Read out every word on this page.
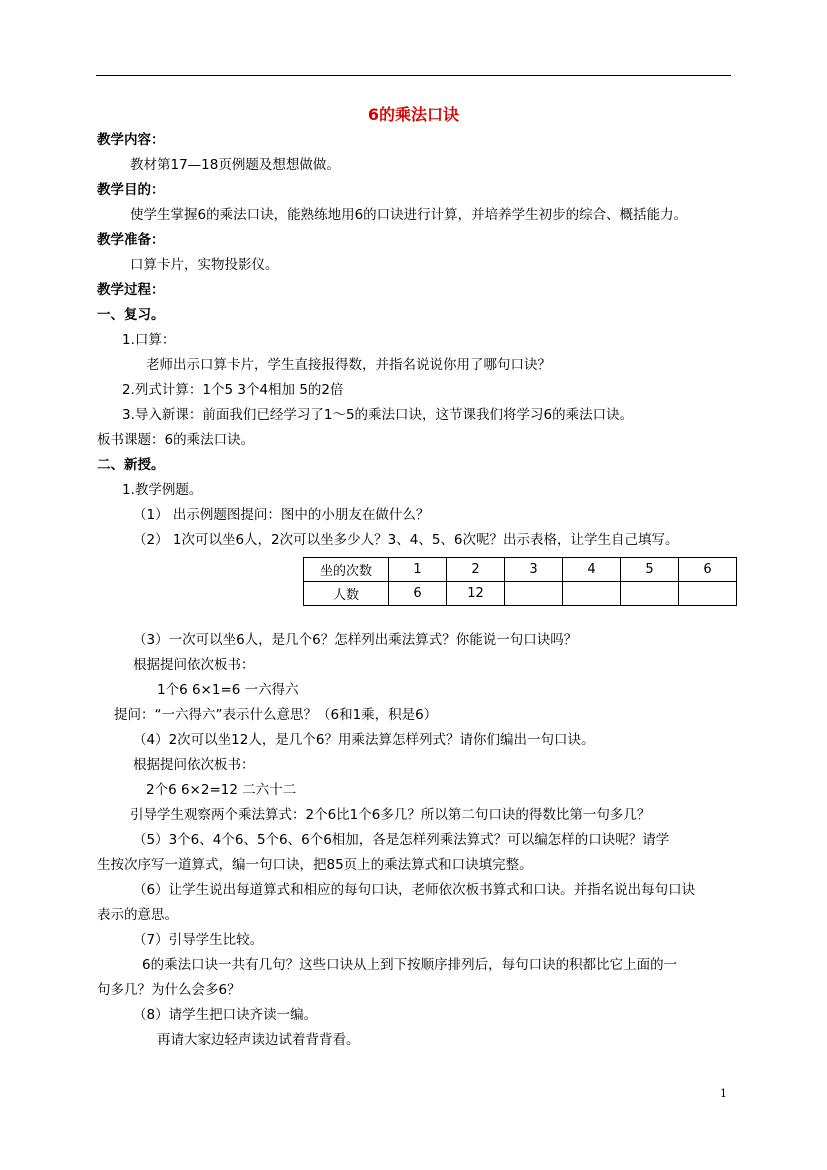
6的乘法口诀
教学内容：
教材第17—18页例题及想想做做。
教学目的：
使学生掌握6的乘法口诀，能熟练地用6的口诀进行计算，并培养学生初步的综合、概括能力。
教学准备：
口算卡片，实物投影仪。
教学过程：
一、复习。
1.口算：
老师出示口算卡片，学生直接报得数，并指名说说你用了哪句口诀？
2.列式计算：1个5 3个4相加 5的2倍
3.导入新课：前面我们已经学习了1～5的乘法口诀，这节课我们将学习6的乘法口诀。
板书课题：6的乘法口诀。
二、新授。
1.教学例题。
（1） 出示例题图提问：图中的小朋友在做什么？
（2） 1次可以坐6人，2次可以坐多少人？3、4、5、6次呢？出示表格，让学生自己填写。
坐的次数	1	2	3	4	5	6
人数	6	12				
（3）一次可以坐6人，是几个6？怎样列出乘法算式？你能说一句口诀吗？
根据提问依次板书：
1个6 6×1=6 一六得六
提问：“一六得六”表示什么意思？（6和1乘，积是6）
（4）2次可以坐12人，是几个6？用乘法算怎样列式？请你们编出一句口诀。
根据提问依次板书：
2个6 6×2=12 二六十二
引导学生观察两个乘法算式：2个6比1个6多几？所以第二句口诀的得数比第一句多几？
（5）3个6、4个6、5个6、6个6相加，各是怎样列乘法算式？可以编怎样的口诀呢？请学
生按次序写一道算式，编一句口诀，把85页上的乘法算式和口诀填完整。
（6）让学生说出每道算式和相应的每句口诀，老师依次板书算式和口诀。并指名说出每句口诀
表示的意思。
（7）引导学生比较。
6的乘法口诀一共有几句？这些口诀从上到下按顺序排列后，每句口诀的积都比它上面的一
句多几？为什么会多6？
（8）请学生把口诀齐读一编。
再请大家边轻声读边试着背背看。
1
